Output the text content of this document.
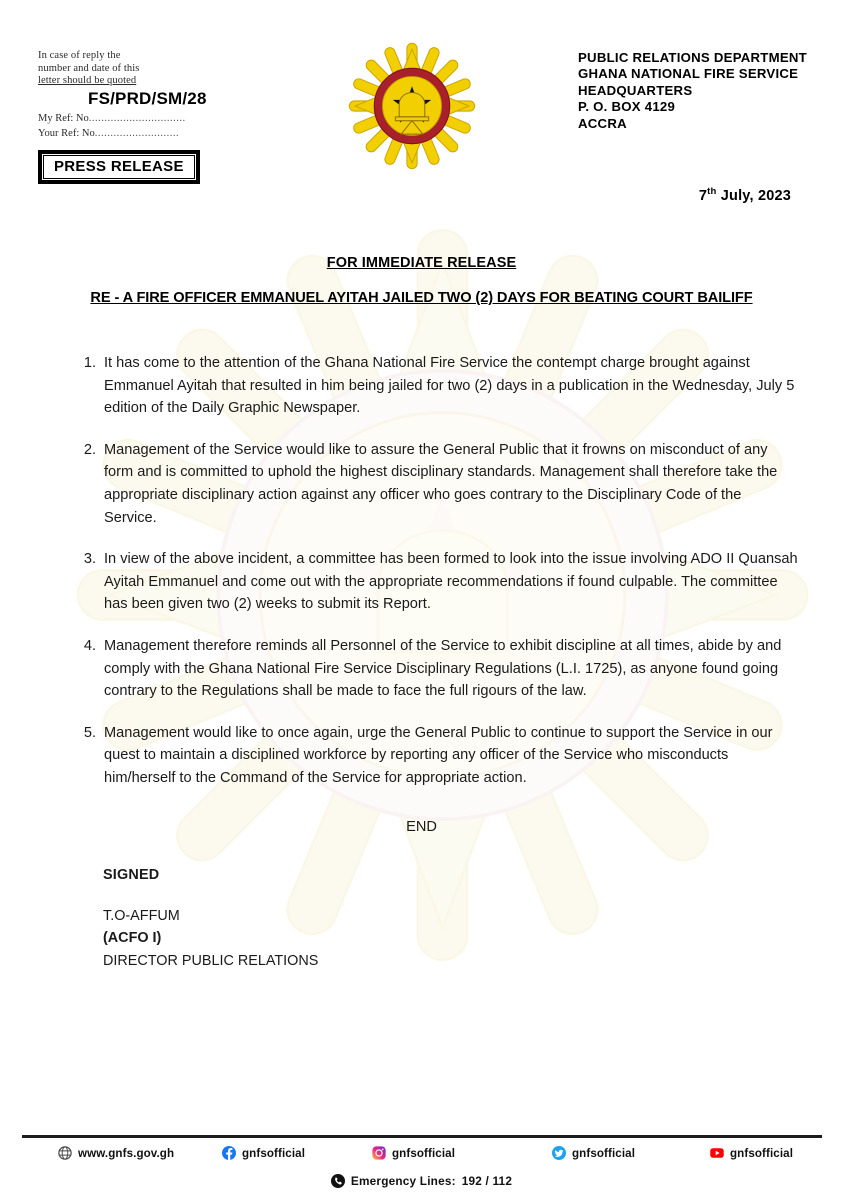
In case of reply the
number and date of this
letter should be quoted
FS/PRD/SM/28
My Ref: No...............................
Your Ref: No...........................
PRESS RELEASE
PUBLIC RELATIONS DEPARTMENT
GHANA NATIONAL FIRE SERVICE
HEADQUARTERS
P. O. BOX 4129
ACCRA
7th July, 2023
FOR IMMEDIATE RELEASE
RE - A FIRE OFFICER EMMANUEL AYITAH JAILED TWO (2) DAYS FOR BEATING COURT BAILIFF
1. It has come to the attention of the Ghana National Fire Service the contempt charge brought against Emmanuel Ayitah that resulted in him being jailed for two (2) days in a publication in the Wednesday, July 5 edition of the Daily Graphic Newspaper.
2. Management of the Service would like to assure the General Public that it frowns on misconduct of any form and is committed to uphold the highest disciplinary standards. Management shall therefore take the appropriate disciplinary action against any officer who goes contrary to the Disciplinary Code of the Service.
3. In view of the above incident, a committee has been formed to look into the issue involving ADO II Quansah Ayitah Emmanuel and come out with the appropriate recommendations if found culpable. The committee has been given two (2) weeks to submit its Report.
4. Management therefore reminds all Personnel of the Service to exhibit discipline at all times, abide by and comply with the Ghana National Fire Service Disciplinary Regulations (L.I. 1725), as anyone found going contrary to the Regulations shall be made to face the full rigours of the law.
5. Management would like to once again, urge the General Public to continue to support the Service in our quest to maintain a disciplined workforce by reporting any officer of the Service who misconducts him/herself to the Command of the Service for appropriate action.
END
SIGNED
T.O-AFFUM
(ACFO I)
DIRECTOR PUBLIC RELATIONS
www.gnfs.gov.gh	gnfsofficial	gnfsofficial	gnfsofficial	gnfsofficial
Emergency Lines: 192 / 112
